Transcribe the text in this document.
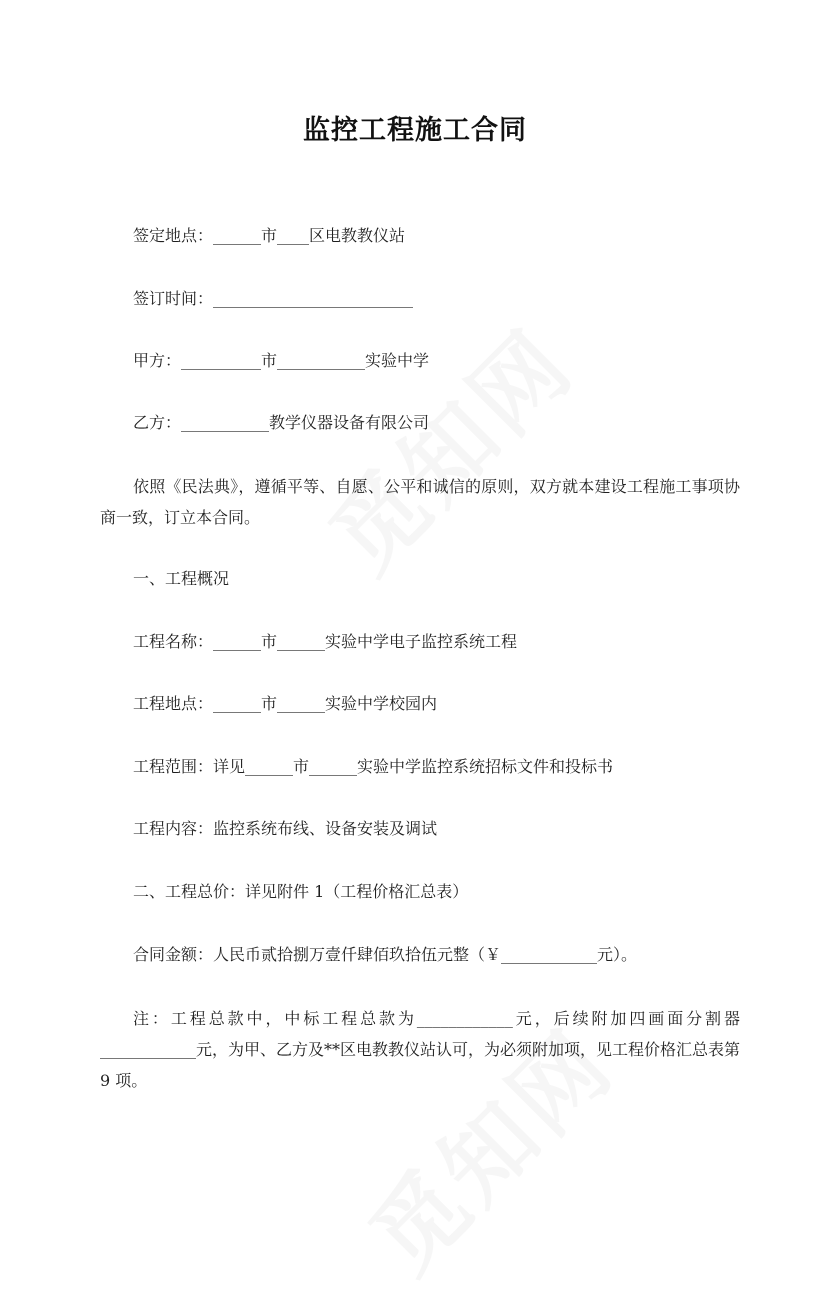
监控工程施工合同
签定地点：______市____区电教教仪站
签订时间：_________________________
甲方：__________市___________实验中学
乙方：___________教学仪器设备有限公司
依照《民法典》，遵循平等、自愿、公平和诚信的原则，双方就本建设工程施工事项协商一致，订立本合同。
一、工程概况
工程名称：______市______实验中学电子监控系统工程
工程地点：______市______实验中学校园内
工程范围：详见______市______实验中学监控系统招标文件和投标书
工程内容：监控系统布线、设备安装及调试
二、工程总价：详见附件 1（工程价格汇总表）
合同金额：人民币贰拾捌万壹仟肆佰玖拾伍元整（￥____________元）。
注：工程总款中，中标工程总款为____________元，后续附加四画面分割器____________元，为甲、乙方及**区电教教仪站认可，为必须附加项，见工程价格汇总表第 9 项。
